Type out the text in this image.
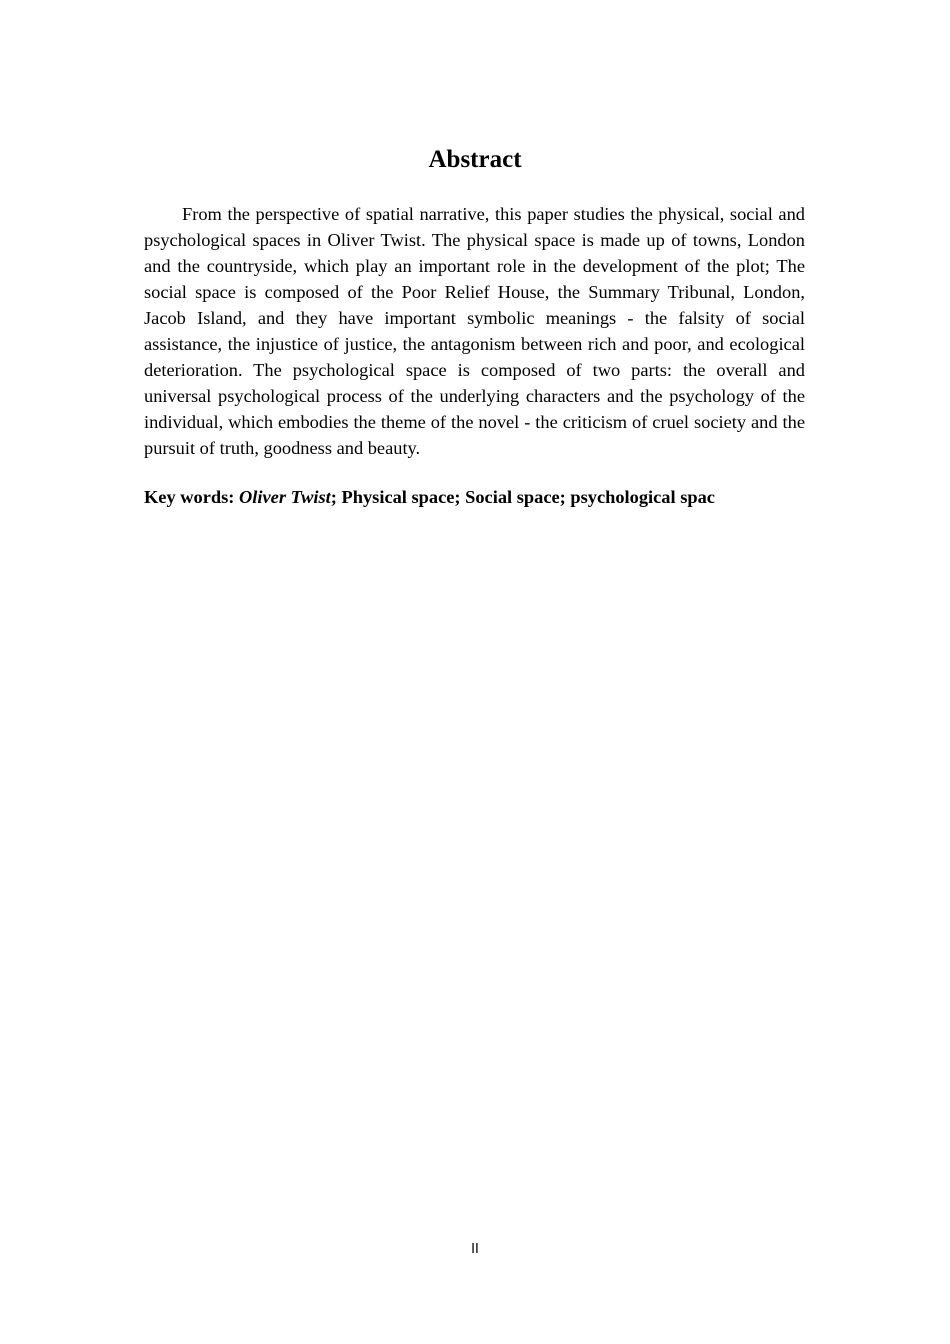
Abstract

From the perspective of spatial narrative, this paper studies the physical, social and psychological spaces in Oliver Twist. The physical space is made up of towns, London and the countryside, which play an important role in the development of the plot; The social space is composed of the Poor Relief House, the Summary Tribunal, London, Jacob Island, and they have important symbolic meanings - the falsity of social assistance, the injustice of justice, the antagonism between rich and poor, and ecological deterioration. The psychological space is composed of two parts: the overall and universal psychological process of the underlying characters and the psychology of the individual, which embodies the theme of the novel - the criticism of cruel society and the pursuit of truth, goodness and beauty.

Key words: Oliver Twist; Physical space; Social space; psychological spac

II
